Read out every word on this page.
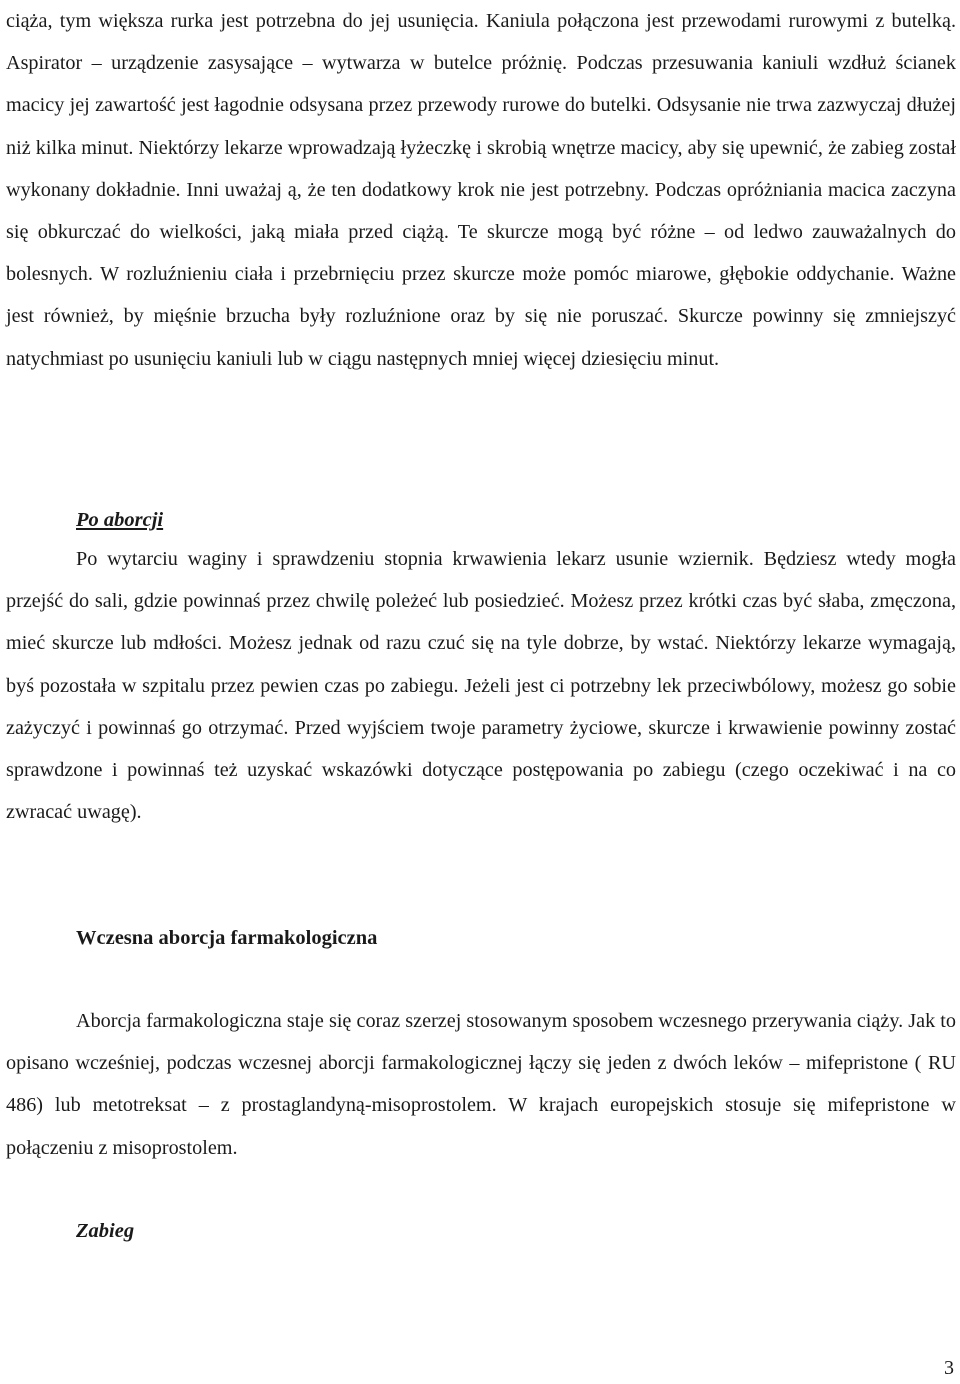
ciąża, tym większa rurka jest potrzebna do jej usunięcia. Kaniula połączona jest przewodami rurowymi z butelką. Aspirator – urządzenie zasysające – wytwarza w butelce próżnię. Podczas przesuwania kaniuli wzdłuż ścianek macicy jej zawartość jest łagodnie odsysana przez przewody rurowe do butelki. Odsysanie nie trwa zazwyczaj dłużej niż kilka minut. Niektórzy lekarze wprowadzają łyżeczkę i skrobią wnętrze macicy, aby się upewnić, że zabieg został wykonany dokładnie. Inni uważaj ą, że ten dodatkowy krok nie jest potrzebny. Podczas opróżniania macica zaczyna się obkurczać do wielkości, jaką miała przed ciążą. Te skurcze mogą być różne – od ledwo zauważalnych do bolesnych. W rozluźnieniu ciała i przebrnięciu przez skurcze może pomóc miarowe, głębokie oddychanie. Ważne jest również, by mięśnie brzucha były rozluźnione oraz by się nie poruszać. Skurcze powinny się zmniejszyć natychmiast po usunięciu kaniuli lub w ciągu następnych mniej więcej dziesięciu minut.

Po aborcji

Po wytarciu waginy i sprawdzeniu stopnia krwawienia lekarz usunie wziernik. Będziesz wtedy mogła przejść do sali, gdzie powinnaś przez chwilę poleżeć lub posiedzieć. Możesz przez krótki czas być słaba, zmęczona, mieć skurcze lub mdłości. Możesz jednak od razu czuć się na tyle dobrze, by wstać. Niektórzy lekarze wymagają, byś pozostała w szpitalu przez pewien czas po zabiegu. Jeżeli jest ci potrzebny lek przeciwbólowy, możesz go sobie zażyczyć i powinnaś go otrzymać. Przed wyjściem twoje parametry życiowe, skurcze i krwawienie powinny zostać sprawdzone i powinnaś też uzyskać wskazówki dotyczące postępowania po zabiegu (czego oczekiwać i na co zwracać uwagę).

Wczesna aborcja farmakologiczna

Aborcja farmakologiczna staje się coraz szerzej stosowanym sposobem wczesnego przerywania ciąży. Jak to opisano wcześniej, podczas wczesnej aborcji farmakologicznej łączy się jeden z dwóch leków – mifepristone ( RU 486) lub metotreksat – z prostaglandyną-misoprostolem. W krajach europejskich stosuje się mifepristone w połączeniu z misoprostolem.

Zabieg
3
